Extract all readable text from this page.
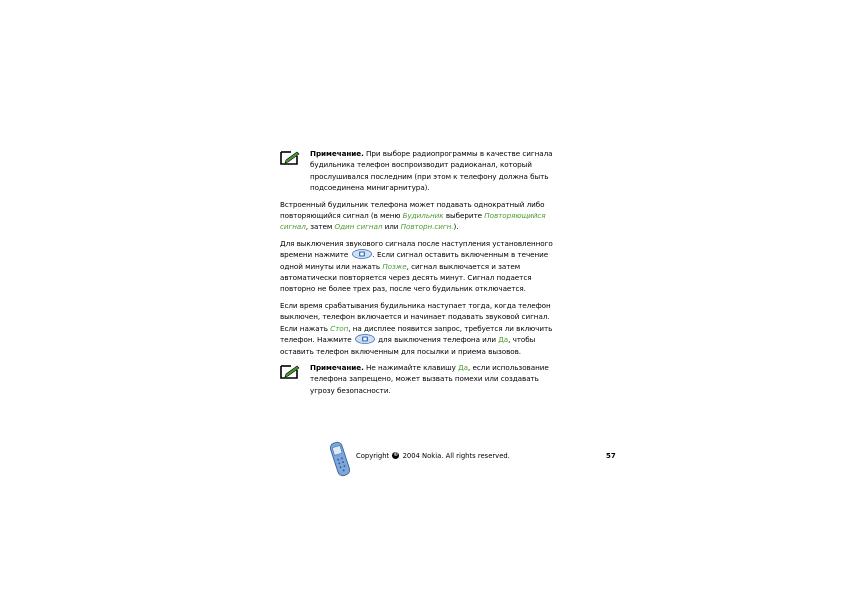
Примечание. При выборе радиопрограммы в качестве сигнала будильника телефон воспроизводит радиоканал, который прослушивался последним (при этом к телефону должна быть подсоединена минигарнитура).
Встроенный будильник телефона может подавать однократный либо повторяющийся сигнал (в меню Будильник выберите Повторяющийся сигнал, затем Один сигнал или Повторн.сигн.).
Для выключения звукового сигнала после наступления установленного времени нажмите	. Если сигнал оставить включенным в течение одной минуты или нажать Позже, сигнал выключается и затем автоматически повторяется через десять минут. Сигнал подается повторно не более трех раз, после чего будильник отключается.
Если время срабатывания будильника наступает тогда, когда телефон выключен, телефон включается и начинает подавать звуковой сигнал. Если нажать Стоп, на дисплее появится запрос, требуется ли включить телефон. Нажмите	для выключения телефона или Да, чтобы оставить телефон включенным для посылки и приема вызовов.
Примечание. Не нажимайте клавишу Да, если использование телефона запрещено, может вызвать помехи или создавать угрозу безопасности.
Copyright © 2004 Nokia. All rights reserved.	57
